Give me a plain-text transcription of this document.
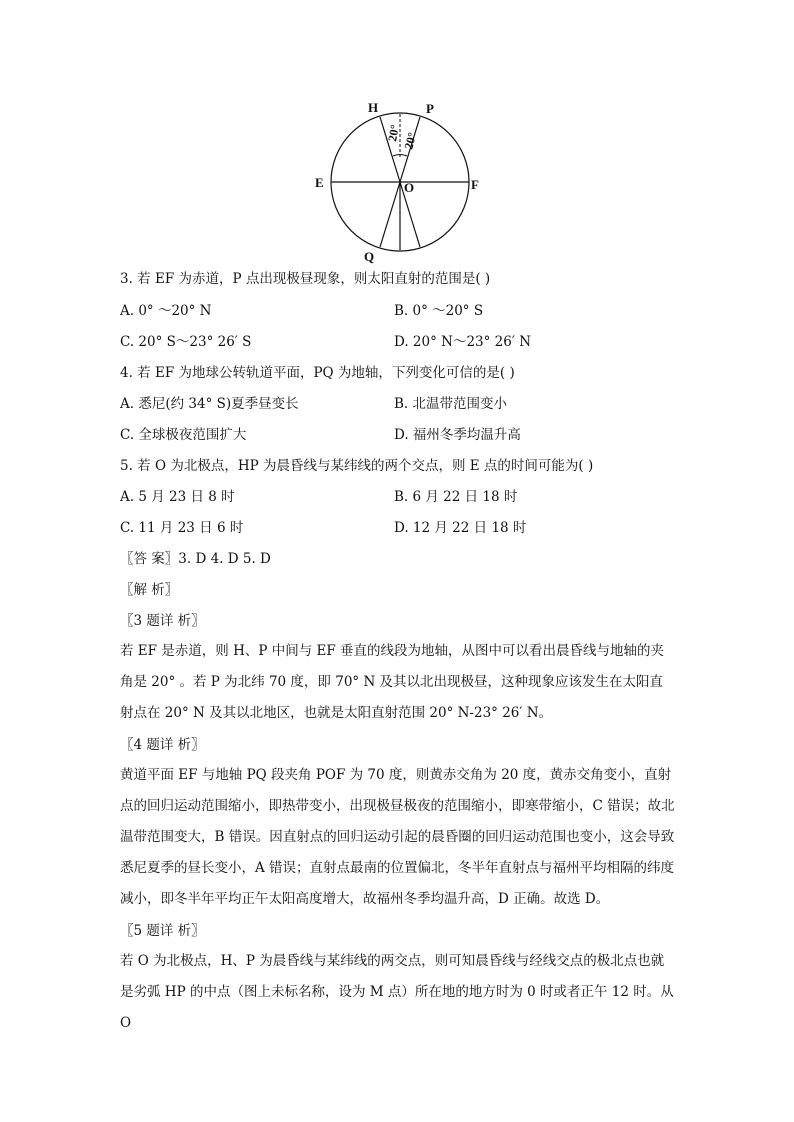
H	P
E	F
O
Q
20° 20°
3. 若 EF 为赤道，P 点出现极昼现象，则太阳直射的范围是( )
A. 0° ～20° N	B. 0° ～20° S
C. 20° S～23° 26′ S	D. 20° N～23° 26′ N
4. 若 EF 为地球公转轨道平面，PQ 为地轴，下列变化可信的是( )
A. 悉尼(约 34° S)夏季昼变长	B. 北温带范围变小
C. 全球极夜范围扩大	D. 福州冬季均温升高
5. 若 O 为北极点，HP 为晨昏线与某纬线的两个交点，则 E 点的时间可能为( )
A. 5 月 23 日 8 时	B. 6 月 22 日 18 时
C. 11 月 23 日 6 时	D. 12 月 22 日 18 时
〖答 案〗3. D 4. D 5. D
〖解 析〗
〖3 题详 析〗
若 EF 是赤道，则 H、P 中间与 EF 垂直的线段为地轴，从图中可以看出晨昏线与地轴的夹角是 20° 。若 P 为北纬 70 度，即 70° N 及其以北出现极昼，这种现象应该发生在太阳直射点在 20° N 及其以北地区，也就是太阳直射范围 20° N-23° 26′ N。
〖4 题详 析〗
黄道平面 EF 与地轴 PQ 段夹角 POF 为 70 度，则黄赤交角为 20 度，黄赤交角变小，直射点的回归运动范围缩小，即热带变小，出现极昼极夜的范围缩小，即寒带缩小，C 错误；故北温带范围变大，B 错误。因直射点的回归运动引起的晨昏圈的回归运动范围也变小，这会导致悉尼夏季的昼长变小，A 错误；直射点最南的位置偏北，冬半年直射点与福州平均相隔的纬度减小，即冬半年平均正午太阳高度增大，故福州冬季均温升高，D 正确。故选 D。
〖5 题详 析〗
若 O 为北极点，H、P 为晨昏线与某纬线的两交点，则可知晨昏线与经线交点的极北点也就是劣弧 HP 的中点（图上未标名称，设为 M 点）所在地的地方时为 0 时或者正午 12 时。从 O
